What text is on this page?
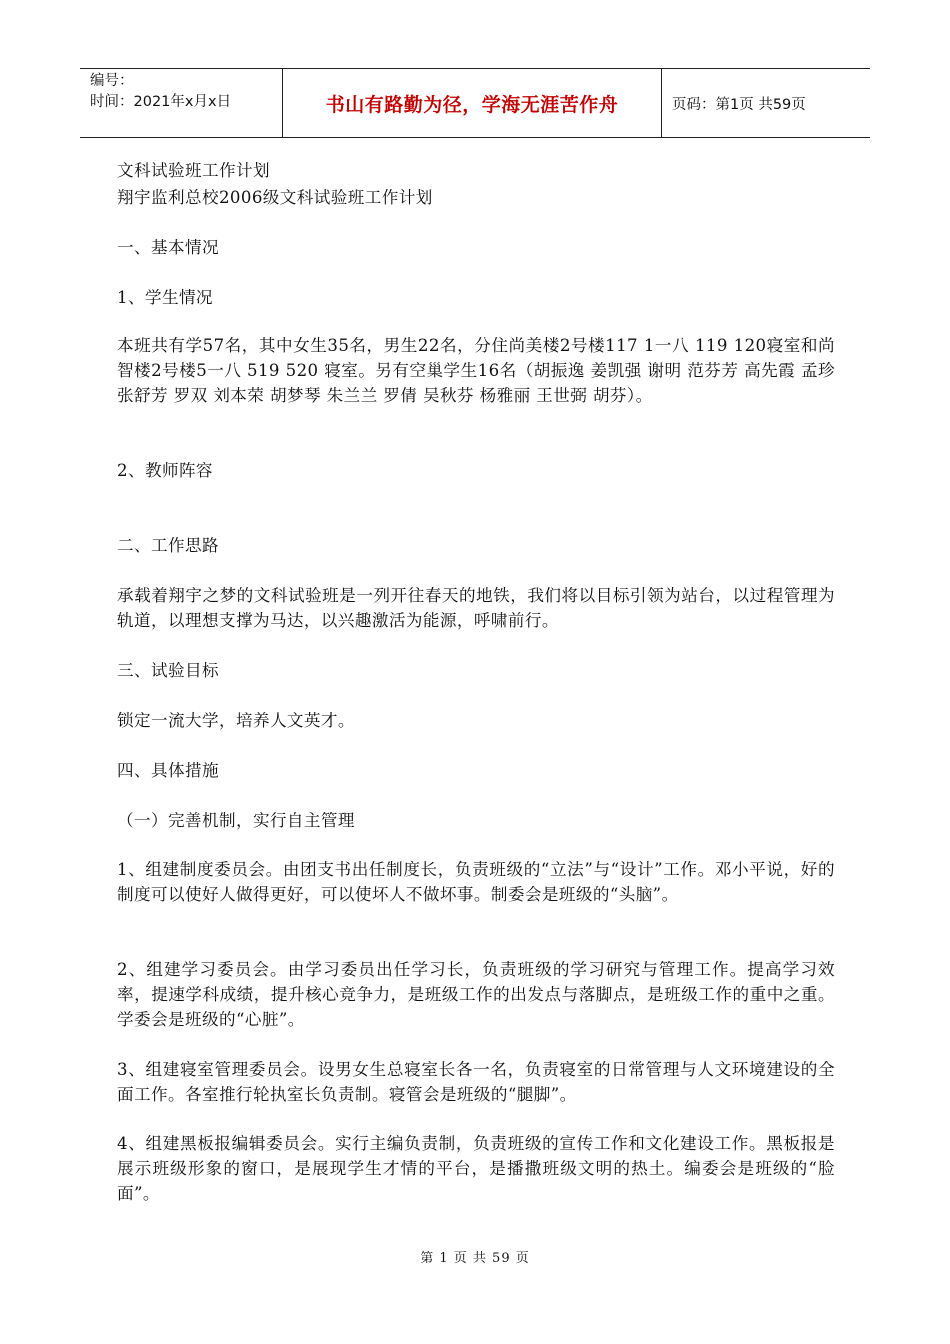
编号：
时间：2021年x月x日	书山有路勤为径，学海无涯苦作舟	页码：第1页 共59页
文科试验班工作计划
翔宇监利总校2006级文科试验班工作计划
一、基本情况
1、学生情况
本班共有学57名，其中女生35名，男生22名，分住尚美楼2号楼117 1一八 119 120寝室和尚智楼2号楼5一八 519 520 寝室。另有空巢学生16名（胡振逸 姜凯强 谢明 范芬芳 高先霞 孟珍 张舒芳 罗双 刘本荣 胡梦琴 朱兰兰 罗倩 吴秋芬 杨雅丽 王世弼 胡芬）。
2、教师阵容
二、工作思路
承载着翔宇之梦的文科试验班是一列开往春天的地铁，我们将以目标引领为站台，以过程管理为轨道，以理想支撑为马达，以兴趣激活为能源，呼啸前行。
三、试验目标
锁定一流大学，培养人文英才。
四、具体措施
（一）完善机制，实行自主管理
1、组建制度委员会。由团支书出任制度长，负责班级的“立法”与“设计”工作。邓小平说，好的制度可以使好人做得更好，可以使坏人不做坏事。制委会是班级的“头脑”。
2、组建学习委员会。由学习委员出任学习长，负责班级的学习研究与管理工作。提高学习效率，提速学科成绩，提升核心竞争力，是班级工作的出发点与落脚点，是班级工作的重中之重。学委会是班级的“心脏”。
3、组建寝室管理委员会。设男女生总寝室长各一名，负责寝室的日常管理与人文环境建设的全面工作。各室推行轮执室长负责制。寝管会是班级的“腿脚”。
4、组建黑板报编辑委员会。实行主编负责制，负责班级的宣传工作和文化建设工作。黑板报是展示班级形象的窗口，是展现学生才情的平台，是播撒班级文明的热土。编委会是班级的“脸面”。
第 1 页 共 59 页
